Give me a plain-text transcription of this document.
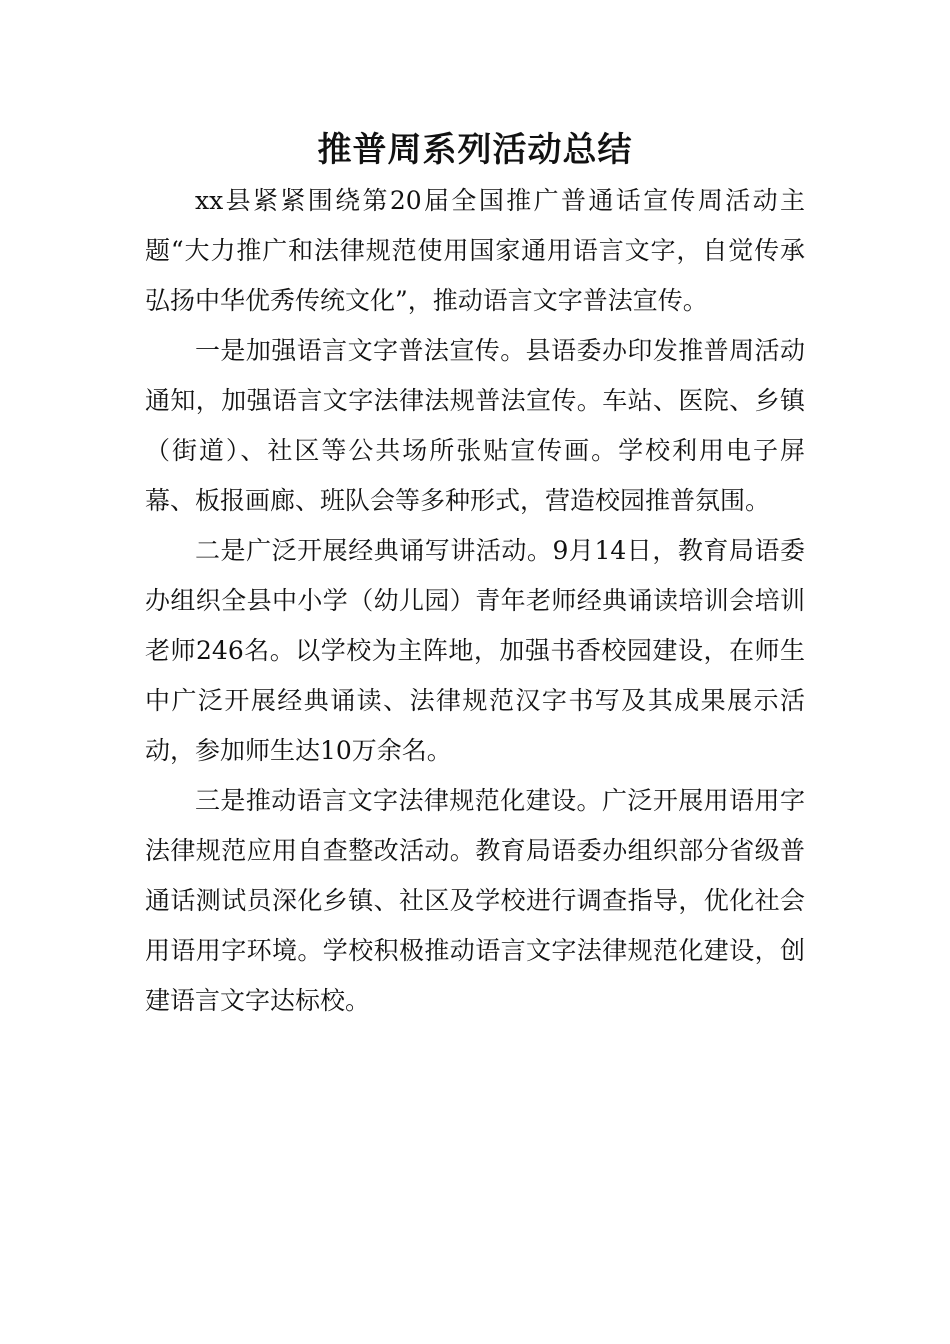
推普周系列活动总结

xx县紧紧围绕第20届全国推广普通话宣传周活动主题“大力推广和法律规范使用国家通用语言文字，自觉传承弘扬中华优秀传统文化”，推动语言文字普法宣传。

一是加强语言文字普法宣传。县语委办印发推普周活动通知，加强语言文字法律法规普法宣传。车站、医院、乡镇（街道）、社区等公共场所张贴宣传画。学校利用电子屏幕、板报画廊、班队会等多种形式，营造校园推普氛围。

二是广泛开展经典诵写讲活动。9月14日，教育局语委办组织全县中小学（幼儿园）青年老师经典诵读培训会培训老师246名。以学校为主阵地，加强书香校园建设，在师生中广泛开展经典诵读、法律规范汉字书写及其成果展示活动，参加师生达10万余名。

三是推动语言文字法律规范化建设。广泛开展用语用字法律规范应用自查整改活动。教育局语委办组织部分省级普通话测试员深化乡镇、社区及学校进行调查指导，优化社会用语用字环境。学校积极推动语言文字法律规范化建设，创建语言文字达标校。
